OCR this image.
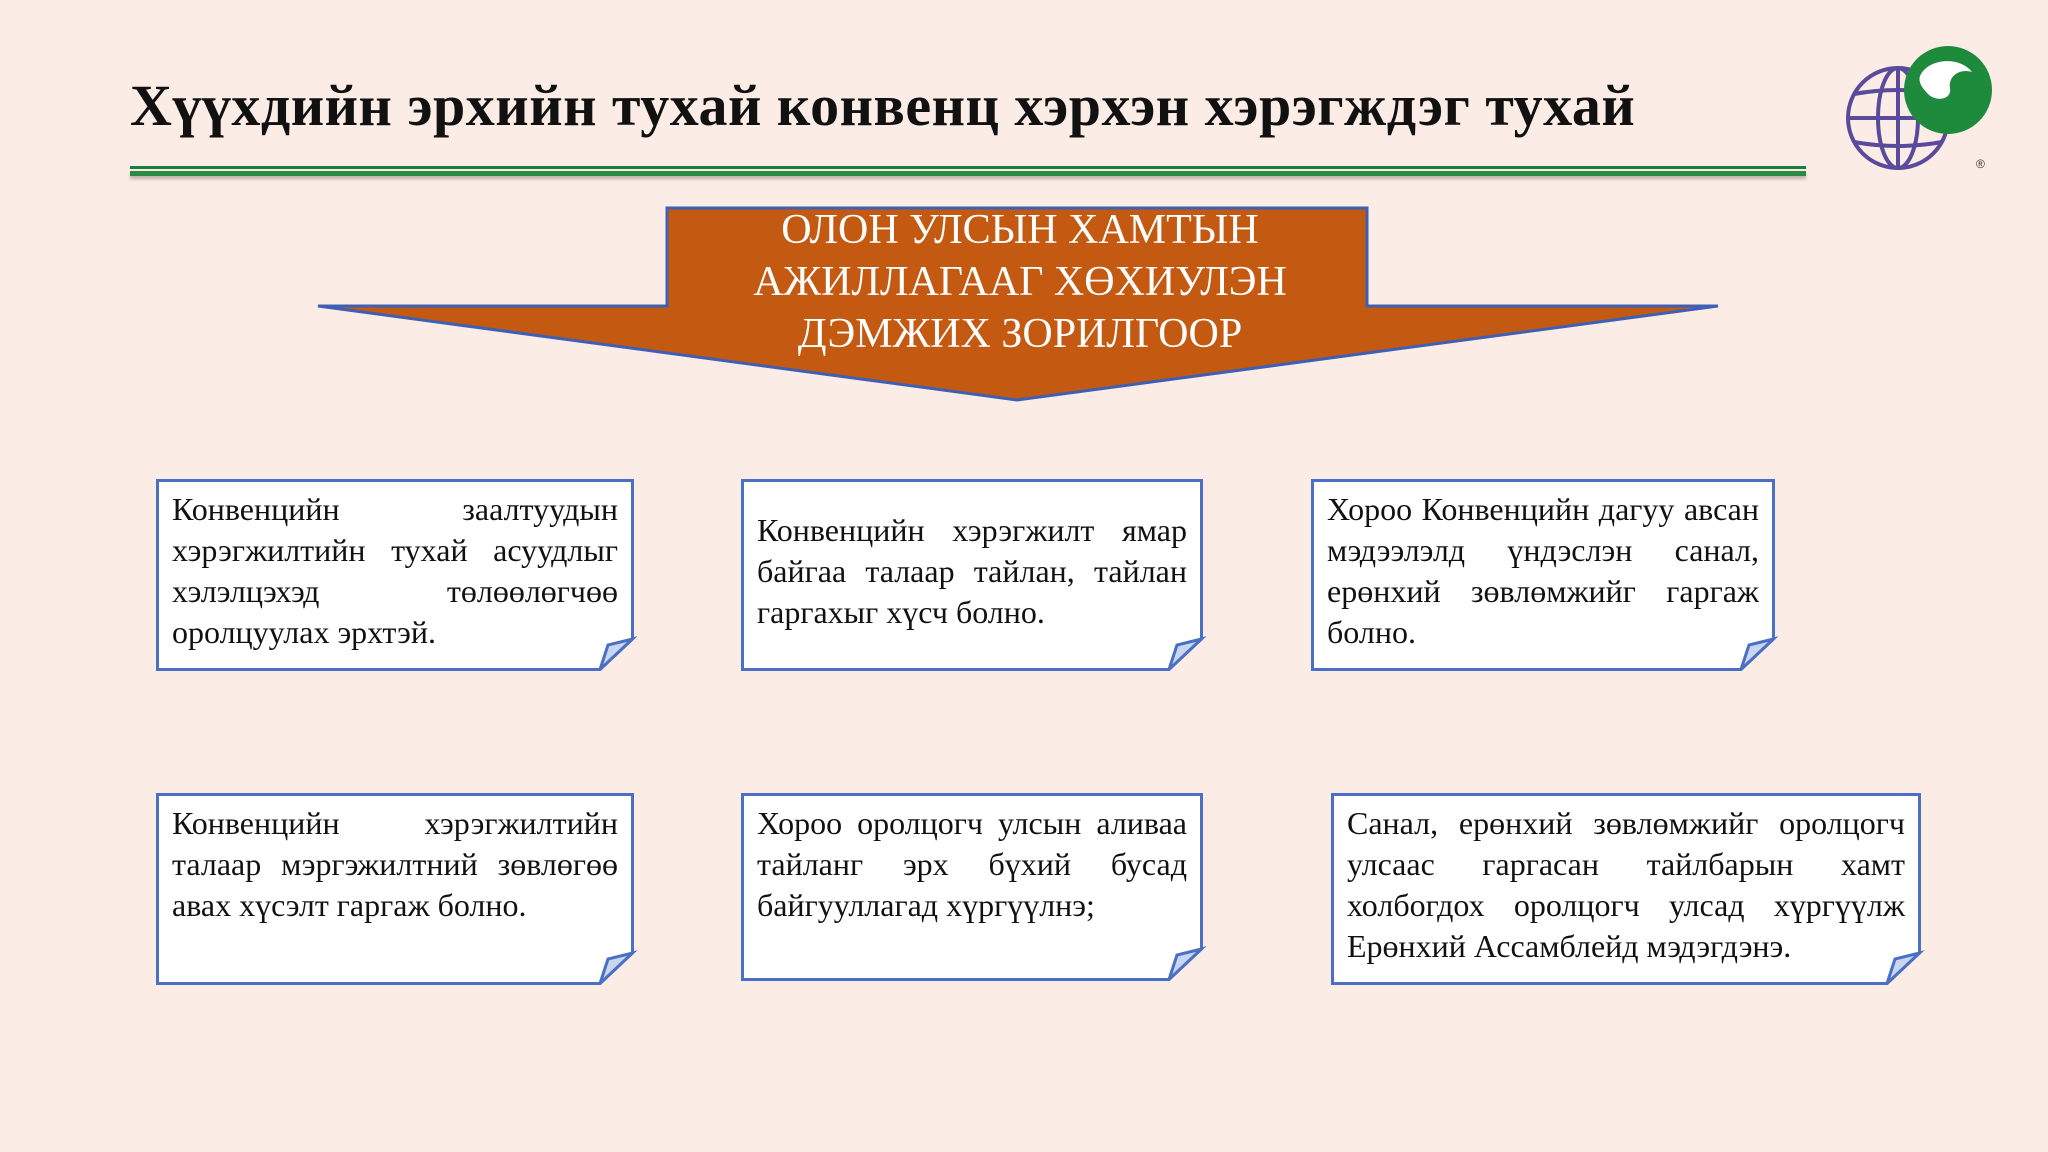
Хүүхдийн эрхийн тухай конвенц хэрхэн хэрэгждэг тухай
®
ОЛОН УЛСЫН ХАМТЫН
АЖИЛЛАГААГ ХӨХИУЛЭН
ДЭМЖИХ ЗОРИЛГООР
Конвенцийн заалтуудын хэрэгжилтийн тухай асуудлыг хэлэлцэхэд төлөөлөгчөө оролцуулах эрхтэй.
Конвенцийн хэрэгжилт ямар байгаа талаар тайлан, тайлан гаргахыг хүсч болно.
Хороо Конвенцийн дагуу авсан мэдээлэлд үндэслэн санал, ерөнхий зөвлөмжийг гаргаж болно.
Конвенцийн хэрэгжилтийн талаар мэргэжилтний зөвлөгөө авах хүсэлт гаргаж болно.
Хороо оролцогч улсын аливаа тайланг эрх бүхий бусад байгууллагад хүргүүлнэ;
Санал, ерөнхий зөвлөмжийг оролцогч улсаас гаргасан тайлбарын хамт холбогдох оролцогч улсад хүргүүлж Ерөнхий Ассамблейд мэдэгдэнэ.
